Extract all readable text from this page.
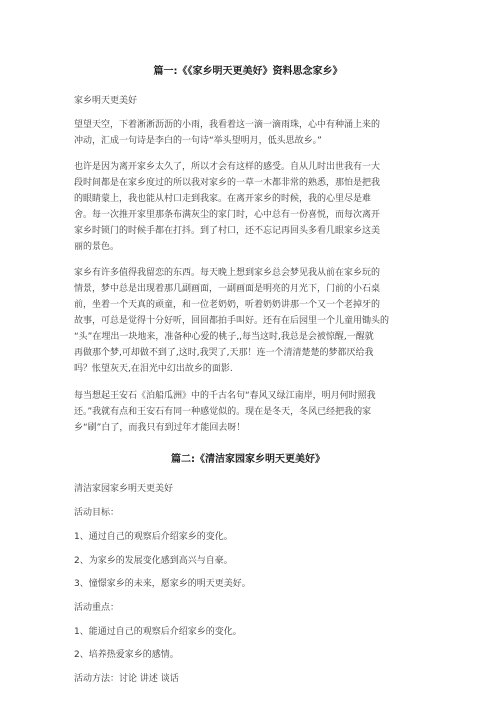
篇一:《《家乡明天更美好》资料思念家乡》

家乡明天更美好

望望天空，下着淅淅沥沥的小雨，我看着这一滴一滴雨珠，心中有种涌上来的
冲动，汇成一句诗是李白的一句诗“举头望明月，低头思故乡。”

也许是因为离开家乡太久了，所以才会有这样的感受。自从儿时出世我有一大
段时间都是在家乡度过的所以我对家乡的一草一木都非常的熟悉，那怕是把我
的眼睛蒙上，我也能从村口走到我家。在离开家乡的时候，我的心里尽是难
舍。每一次推开家里那条布满灰尘的家门时，心中总有一份喜悦，而每次离开
家乡时锁门的时候手都在打抖。到了村口，还不忘记再回头多看几眼家乡这美
丽的景色。

家乡有许多值得我留恋的东西。每天晚上想到家乡总会梦见我从前在家乡玩的
情景，梦中总是出现着那几副画面，一副画面是明亮的月光下，门前的小石桌
前，坐着一个天真的顽童，和一位老奶奶，听着奶奶讲那一个又一个老掉牙的
故事，可总是觉得十分好听，回回都拍手叫好。还有在后园里一个儿童用锄头的
“头”在埋出一块地来，准备种心爱的桃子,,每当这时,我总是会被惊醒,一醒就
再做那个梦,可却做不到了,这时,我哭了,天那！连一个清清楚楚的梦都厌给我
吗？怅望灰天,在泪光中幻出故乡的面影.

每当想起王安石《泊船瓜洲》中的千古名句“春风又绿江南岸，明月何时照我
还。”我就有点和王安石有同一种感觉似的。现在是冬天，冬风已经把我的家
乡“刷”白了，而我只有到过年才能回去呀！

篇二:《清洁家园家乡明天更美好》

清洁家园家乡明天更美好

活动目标：

1、通过自己的观察后介绍家乡的变化。

2、为家乡的发展变化感到高兴与自豪。

3、憧憬家乡的未来，愿家乡的明天更美好。

活动重点：

1、能通过自己的观察后介绍家乡的变化。

2、培养热爱家乡的感情。

活动方法：讨论 讲述 谈话
